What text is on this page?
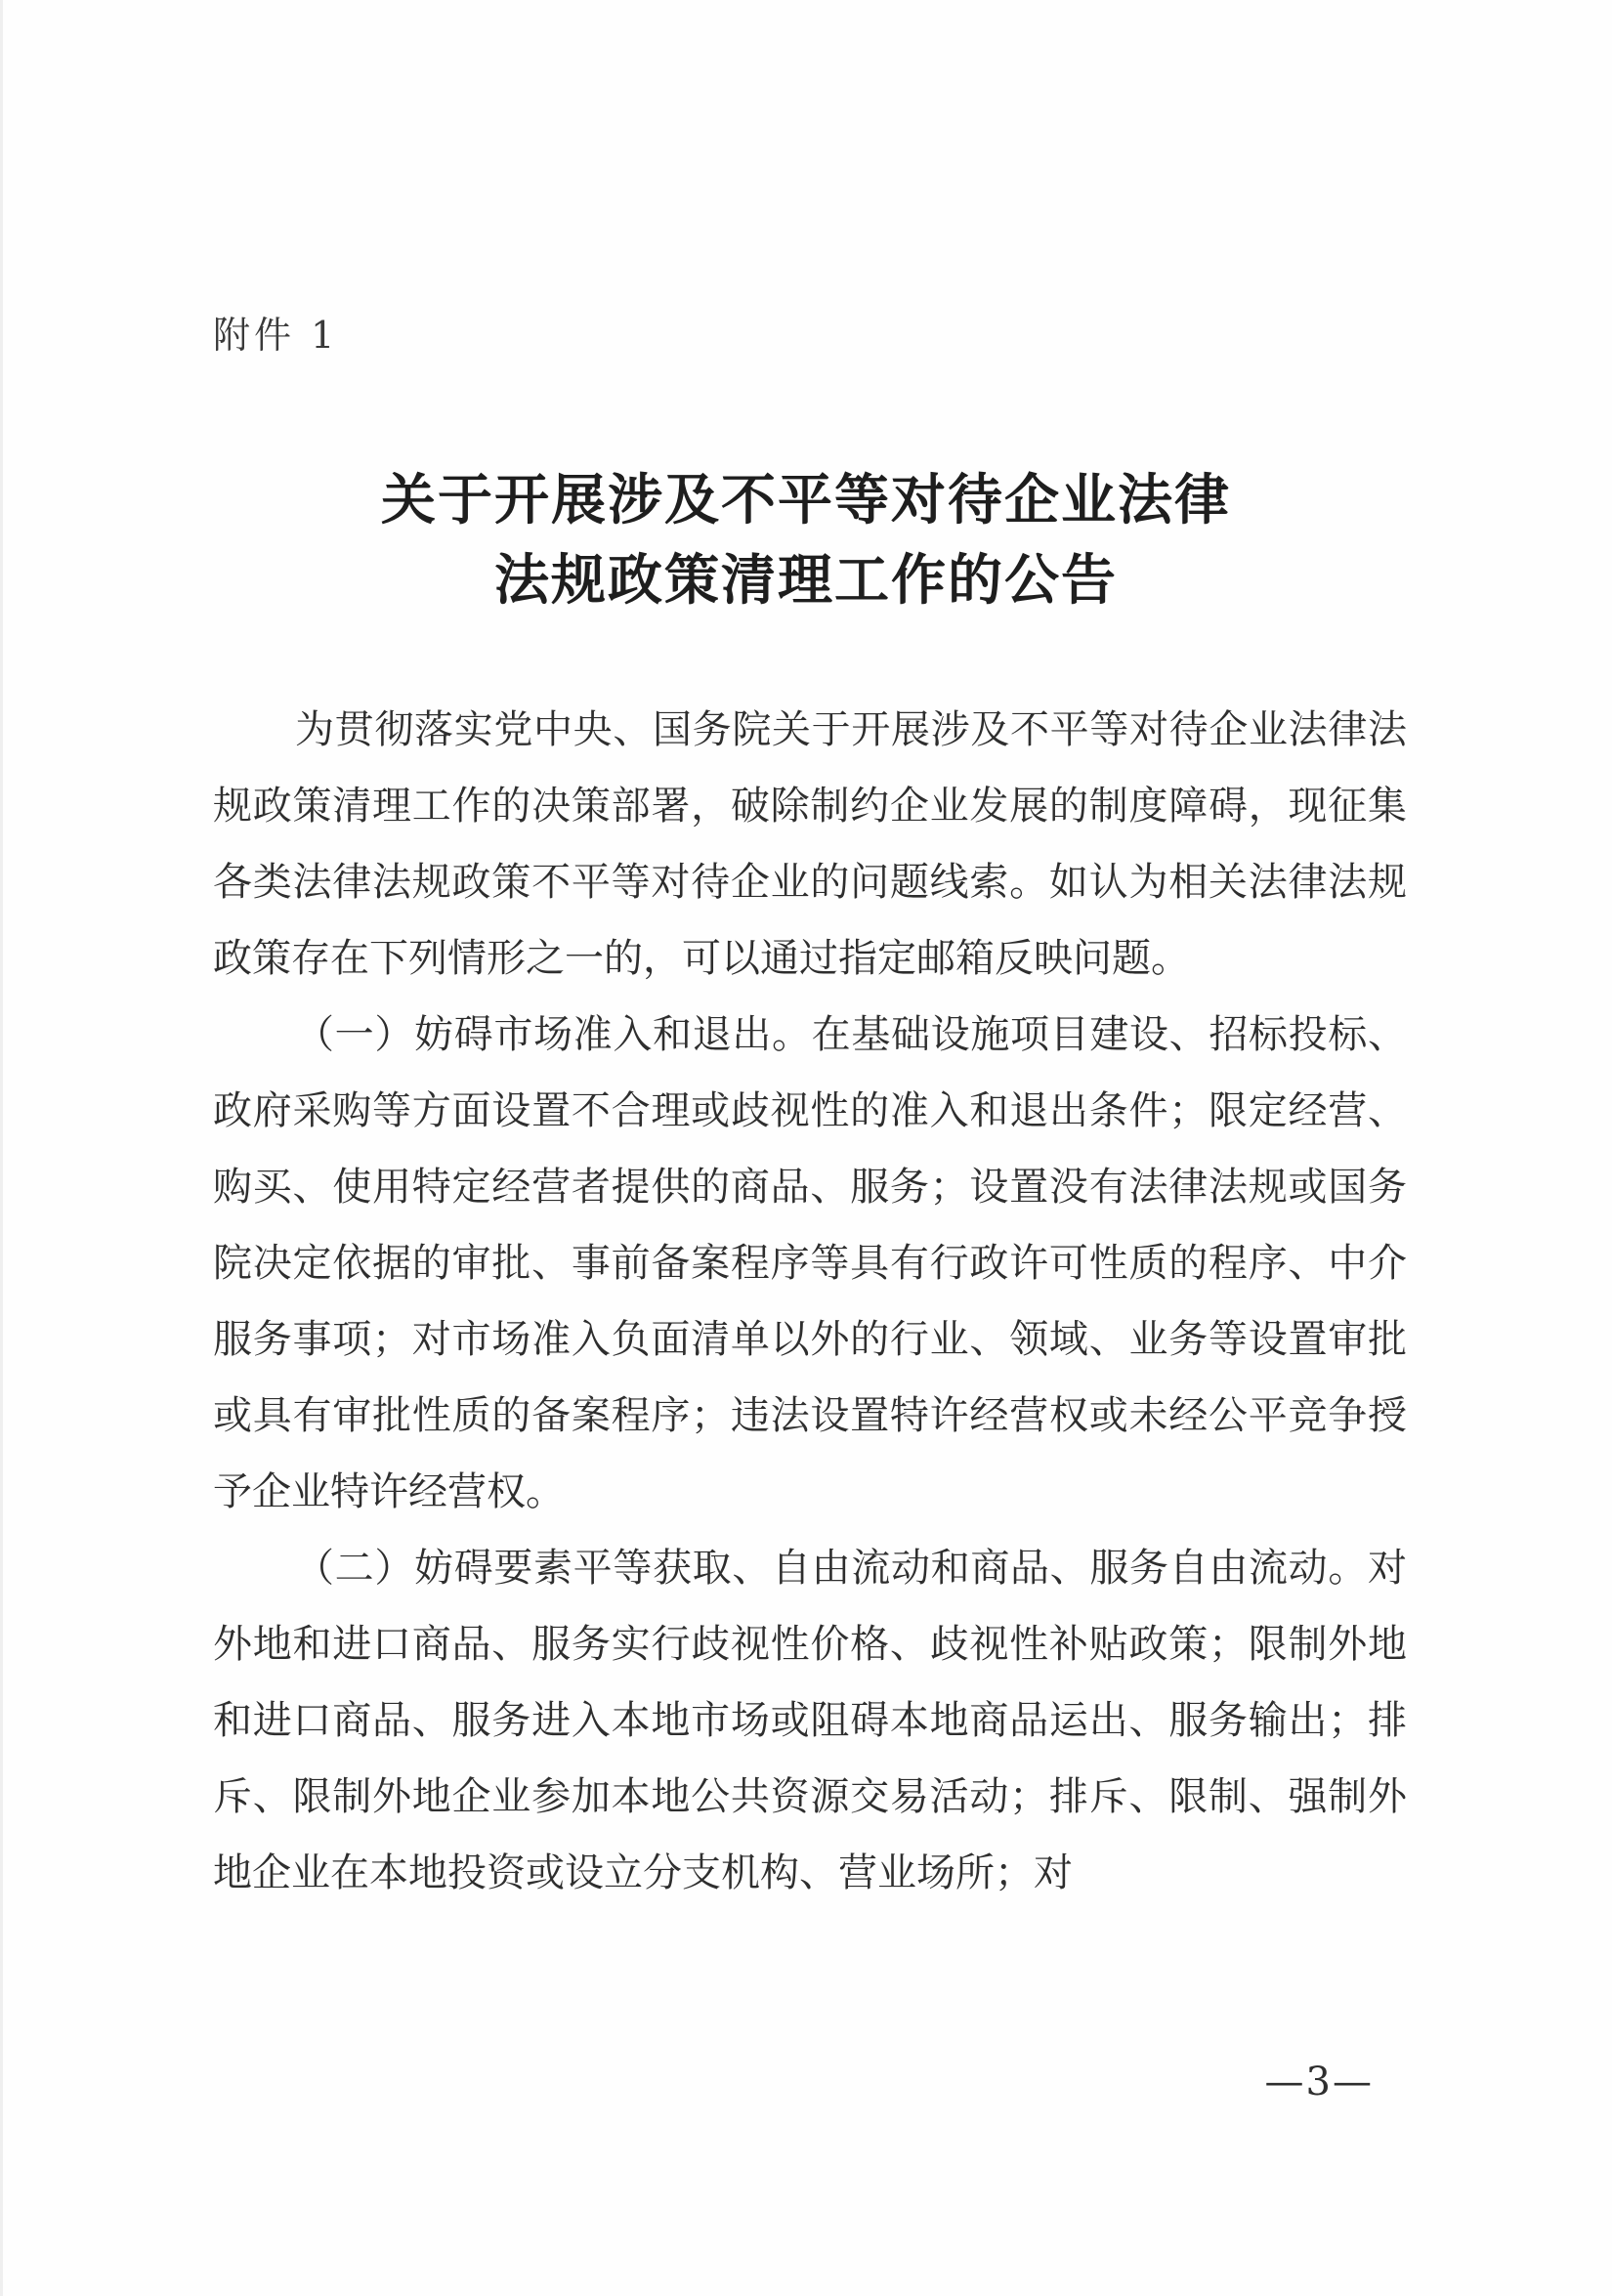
附件 1
关于开展涉及不平等对待企业法律
法规政策清理工作的公告

为贯彻落实党中央、国务院关于开展涉及不平等对待企业法律法规政策清理工作的决策部署，破除制约企业发展的制度障碍，现征集各类法律法规政策不平等对待企业的问题线索。如认为相关法律法规政策存在下列情形之一的，可以通过指定邮箱反映问题。

（一）妨碍市场准入和退出。在基础设施项目建设、招标投标、政府采购等方面设置不合理或歧视性的准入和退出条件；限定经营、购买、使用特定经营者提供的商品、服务；设置没有法律法规或国务院决定依据的审批、事前备案程序等具有行政许可性质的程序、中介服务事项；对市场准入负面清单以外的行业、领域、业务等设置审批或具有审批性质的备案程序；违法设置特许经营权或未经公平竞争授予企业特许经营权。

（二）妨碍要素平等获取、自由流动和商品、服务自由流动。对外地和进口商品、服务实行歧视性价格、歧视性补贴政策；限制外地和进口商品、服务进入本地市场或阻碍本地商品运出、服务输出；排斥、限制外地企业参加本地公共资源交易活动；排斥、限制、强制外地企业在本地投资或设立分支机构、营业场所；对

—3—
